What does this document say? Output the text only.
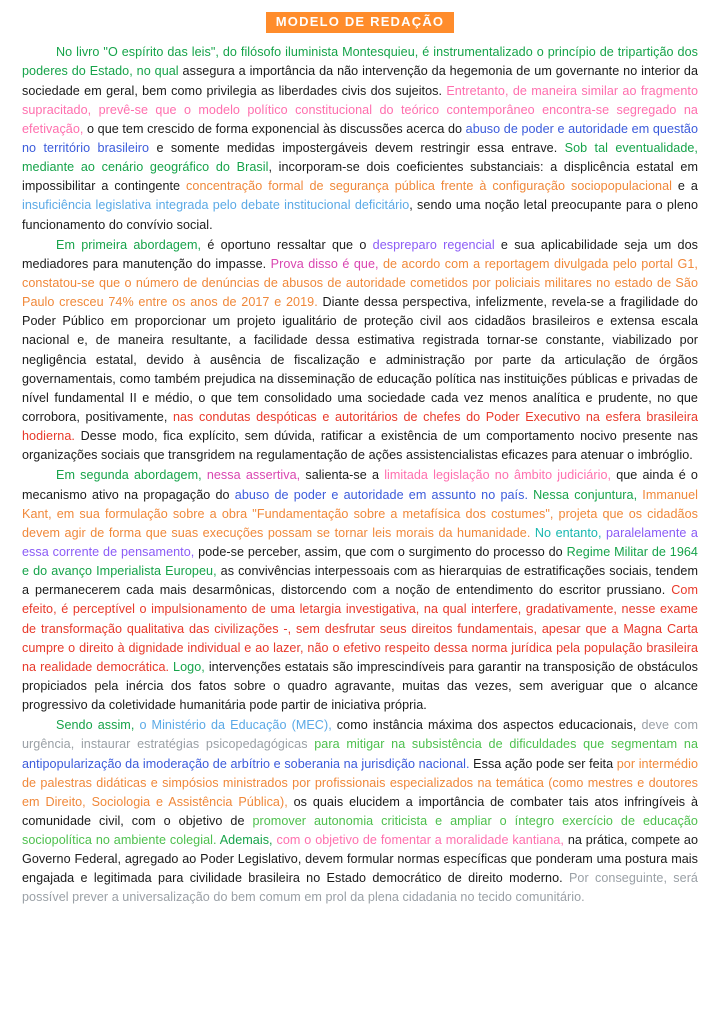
MODELO DE REDAÇÃO

No livro "O espírito das leis", do filósofo iluminista Montesquieu, é instrumentalizado o princípio de tripartição dos poderes do Estado, no qual assegura a importância da não intervenção da hegemonia de um governante no interior da sociedade em geral, bem como privilegia as liberdades civis dos sujeitos. Entretanto, de maneira similar ao fragmento supracitado, prevê-se que o modelo político constitucional do teórico contemporâneo encontra-se segregado na efetivação, o que tem crescido de forma exponencial às discussões acerca do abuso de poder e autoridade em questão no território brasileiro e somente medidas impostergáveis devem restringir essa entrave. Sob tal eventualidade, mediante ao cenário geográfico do Brasil, incorporam-se dois coeficientes substanciais: a displicência estatal em impossibilitar a contingente concentração formal de segurança pública frente à configuração sociopopulacional e a insuficiência legislativa integrada pelo debate institucional deficitário, sendo uma noção letal preocupante para o pleno funcionamento do convívio social.

Em primeira abordagem, é oportuno ressaltar que o despreparo regencial e sua aplicabilidade seja um dos mediadores para manutenção do impasse. Prova disso é que, de acordo com a reportagem divulgada pelo portal G1, constatou-se que o número de denúncias de abusos de autoridade cometidos por policiais militares no estado de São Paulo cresceu 74% entre os anos de 2017 e 2019. Diante dessa perspectiva, infelizmente, revela-se a fragilidade do Poder Público em proporcionar um projeto igualitário de proteção civil aos cidadãos brasileiros e extensa escala nacional e, de maneira resultante, a facilidade dessa estimativa registrada tornar-se constante, viabilizado por negligência estatal, devido à ausência de fiscalização e administração por parte da articulação de órgãos governamentais, como também prejudica na disseminação de educação política nas instituições públicas e privadas de nível fundamental II e médio, o que tem consolidado uma sociedade cada vez menos analítica e prudente, no que corrobora, positivamente, nas condutas despóticas e autoritários de chefes do Poder Executivo na esfera brasileira hodierna. Desse modo, fica explícito, sem dúvida, ratificar a existência de um comportamento nocivo presente nas organizações sociais que transgridem na regulamentação de ações assistencialistas eficazes para atenuar o imbróglio.

Em segunda abordagem, nessa assertiva, salienta-se a limitada legislação no âmbito judiciário, que ainda é o mecanismo ativo na propagação do abuso de poder e autoridade em assunto no país. Nessa conjuntura, Immanuel Kant, em sua formulação sobre a obra "Fundamentação sobre a metafísica dos costumes", projeta que os cidadãos devem agir de forma que suas execuções possam se tornar leis morais da humanidade. No entanto, paralelamente a essa corrente de pensamento, pode-se perceber, assim, que com o surgimento do processo do Regime Militar de 1964 e do avanço Imperialista Europeu, as convivências interpessoais com as hierarquias de estratificações sociais, tendem a permanecerem cada mais desarmônicas, distorcendo com a noção de entendimento do escritor prussiano. Com efeito, é perceptível o impulsionamento de uma letargia investigativa, na qual interfere, gradativamente, nesse exame de transformação qualitativa das civilizações -, sem desfrutar seus direitos fundamentais, apesar que a Magna Carta cumpre o direito à dignidade individual e ao lazer, não o efetivo respeito dessa norma jurídica pela população brasileira na realidade democrática. Logo, intervenções estatais são imprescindíveis para garantir na transposição de obstáculos propiciados pela inércia dos fatos sobre o quadro agravante, muitas das vezes, sem averiguar que o alcance progressivo da coletividade humanitária pode partir de iniciativa própria.

Sendo assim, o Ministério da Educação (MEC), como instância máxima dos aspectos educacionais, deve com urgência, instaurar estratégias psicopedagógicas para mitigar na subsistência de dificuldades que segmentam na antipopularização da imoderação de arbítrio e soberania na jurisdição nacional. Essa ação pode ser feita por intermédio de palestras didáticas e simpósios ministrados por profissionais especializados na temática (como mestres e doutores em Direito, Sociologia e Assistência Pública), os quais elucidem a importância de combater tais atos infringíveis à comunidade civil, com o objetivo de promover autonomia criticista e ampliar o íntegro exercício de educação sociopolítica no ambiente colegial. Ademais, com o objetivo de fomentar a moralidade kantiana, na prática, compete ao Governo Federal, agregado ao Poder Legislativo, devem formular normas específicas que ponderam uma postura mais engajada e legitimada para civilidade brasileira no Estado democrático de direito moderno. Por conseguinte, será possível prever a universalização do bem comum em prol da plena cidadania no tecido comunitário.
